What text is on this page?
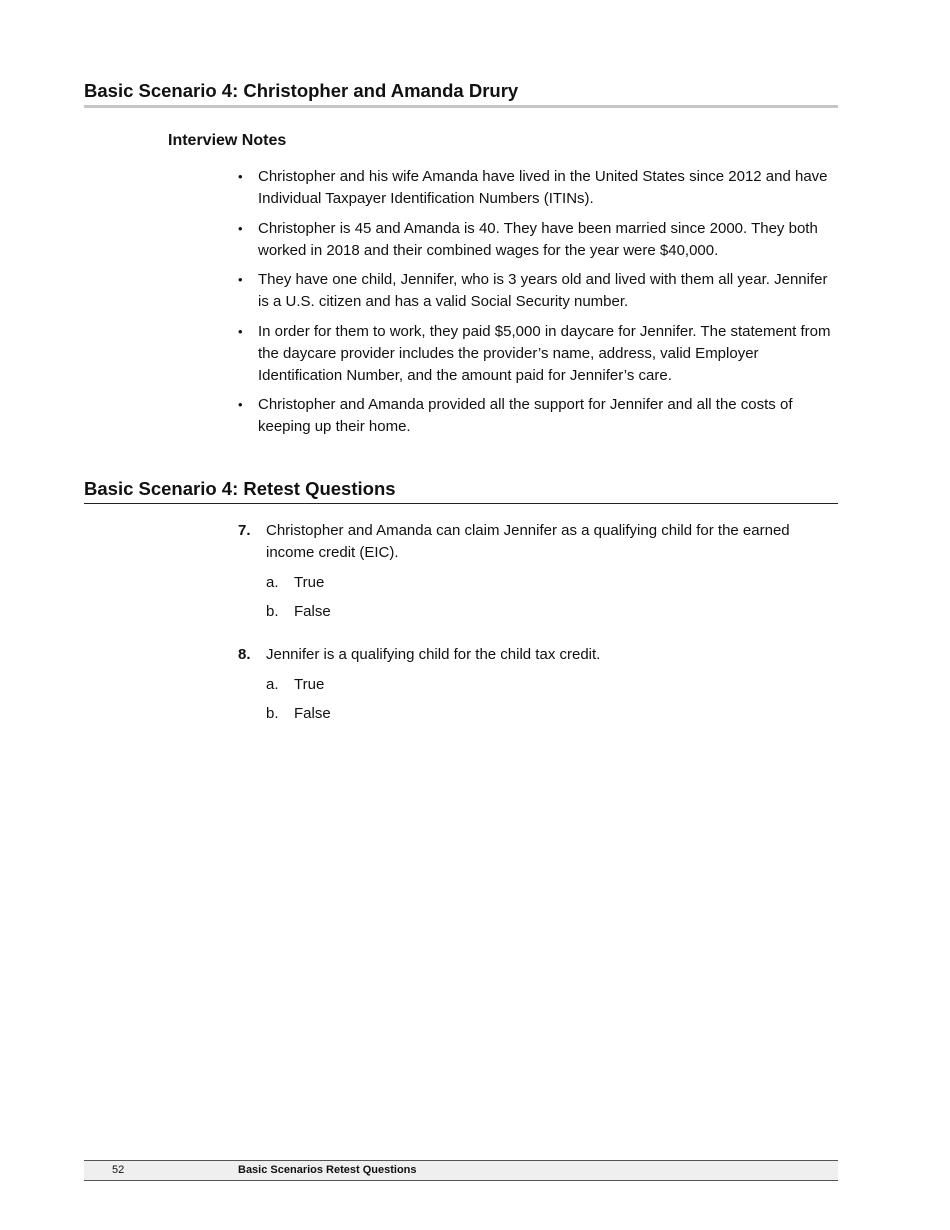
Basic Scenario 4: Christopher and Amanda Drury
Interview Notes
• Christopher and his wife Amanda have lived in the United States since 2012 and have Individual Taxpayer Identification Numbers (ITINs).
• Christopher is 45 and Amanda is 40. They have been married since 2000. They both worked in 2018 and their combined wages for the year were $40,000.
• They have one child, Jennifer, who is 3 years old and lived with them all year. Jennifer is a U.S. citizen and has a valid Social Security number.
• In order for them to work, they paid $5,000 in daycare for Jennifer. The statement from the daycare provider includes the provider’s name, address, valid Employer Identification Number, and the amount paid for Jennifer’s care.
• Christopher and Amanda provided all the support for Jennifer and all the costs of keeping up their home.
Basic Scenario 4: Retest Questions
7. Christopher and Amanda can claim Jennifer as a qualifying child for the earned income credit (EIC).
a. True
b. False
8. Jennifer is a qualifying child for the child tax credit.
a. True
b. False
52	Basic Scenarios Retest Questions
